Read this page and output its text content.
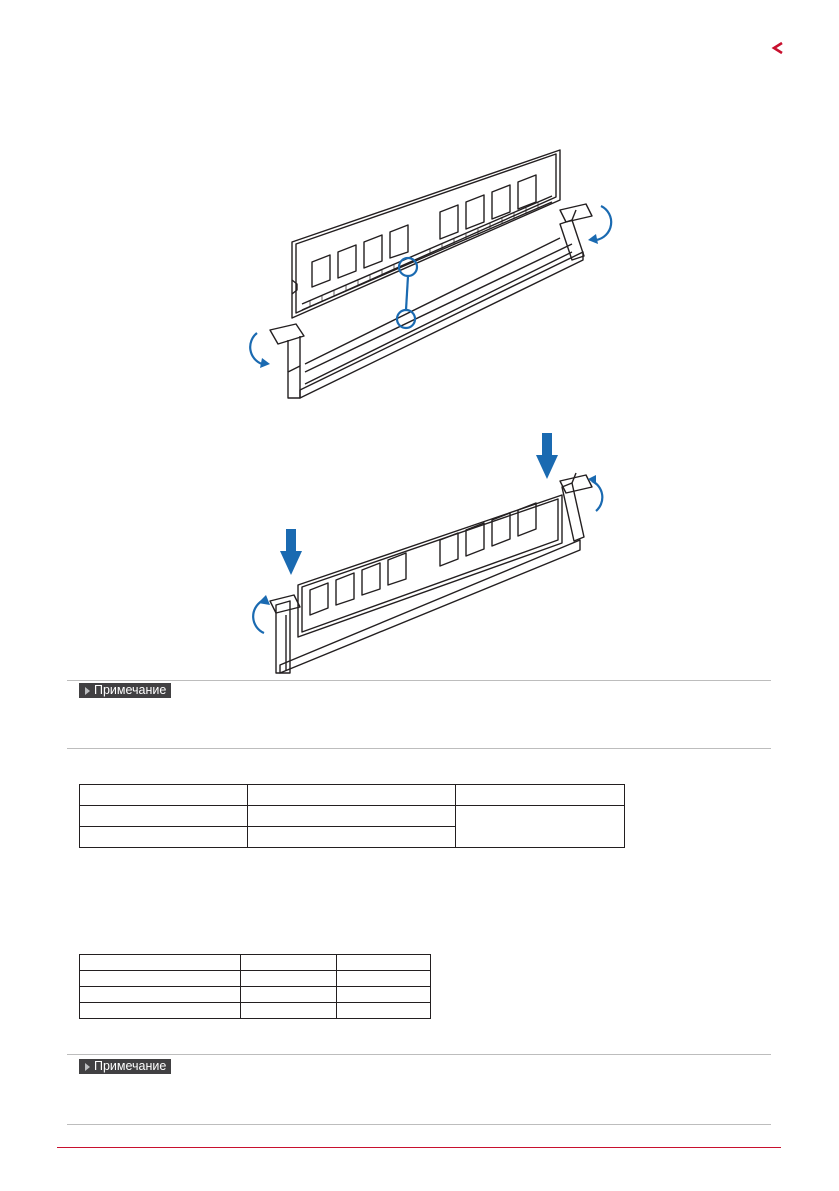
Примечание

Примечание
